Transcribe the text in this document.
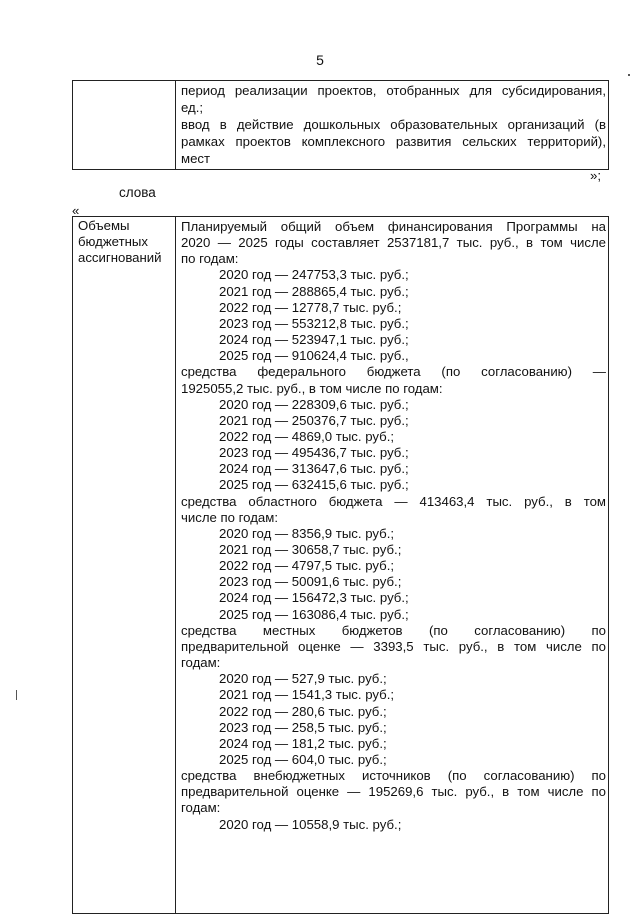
5
период реализации проектов, отобранных для субсидирования,
ед.;
ввод в действие дошкольных образовательных организаций (в
рамках проектов комплексного развития сельских территорий),
мест
»;
слова
«
Объемы
бюджетных
ассигнований
Планируемый общий объем финансирования Программы на
2020 — 2025 годы составляет 2537181,7 тыс. руб., в том числе
по годам:
2020 год — 247753,3 тыс. руб.;
2021 год — 288865,4 тыс. руб.;
2022 год — 12778,7 тыс. руб.;
2023 год — 553212,8 тыс. руб.;
2024 год — 523947,1 тыс. руб.;
2025 год — 910624,4 тыс. руб.,
средства федерального бюджета (по согласованию) —
1925055,2 тыс. руб., в том числе по годам:
2020 год — 228309,6 тыс. руб.;
2021 год — 250376,7 тыс. руб.;
2022 год — 4869,0 тыс. руб.;
2023 год — 495436,7 тыс. руб.;
2024 год — 313647,6 тыс. руб.;
2025 год — 632415,6 тыс. руб.;
средства областного бюджета — 413463,4 тыс. руб., в том
числе по годам:
2020 год — 8356,9 тыс. руб.;
2021 год — 30658,7 тыс. руб.;
2022 год — 4797,5 тыс. руб.;
2023 год — 50091,6 тыс. руб.;
2024 год — 156472,3 тыс. руб.;
2025 год — 163086,4 тыс. руб.;
средства местных бюджетов (по согласованию) по
предварительной оценке — 3393,5 тыс. руб., в том числе по
годам:
2020 год — 527,9 тыс. руб.;
2021 год — 1541,3 тыс. руб.;
2022 год — 280,6 тыс. руб.;
2023 год — 258,5 тыс. руб.;
2024 год — 181,2 тыс. руб.;
2025 год — 604,0 тыс. руб.;
средства внебюджетных источников (по согласованию) по
предварительной оценке — 195269,6 тыс. руб., в том числе по
годам:
2020 год — 10558,9 тыс. руб.;
